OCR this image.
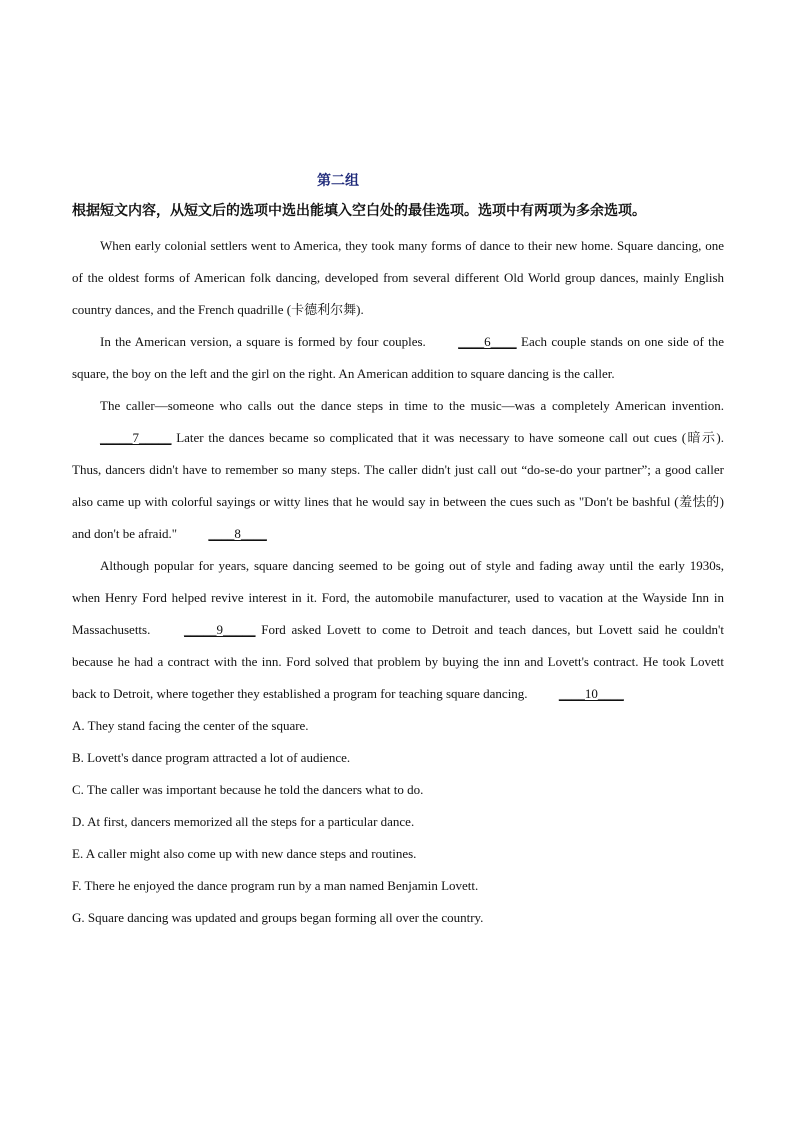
第二组
根据短文内容，从短文后的选项中选出能填入空白处的最佳选项。选项中有两项为多余选项。

When early colonial settlers went to America, they took many forms of dance to their new home. Square dancing, one of the oldest forms of American folk dancing, developed from several different Old World group dances, mainly English country dances, and the French quadrille (卡德利尔舞).

In the American version, a square is formed by four couples. ____6____ Each couple stands on one side of the square, the boy on the left and the girl on the right. An American addition to square dancing is the caller.

The caller—someone who calls out the dance steps in time to the music—was a completely American invention. _____7_____ Later the dances became so complicated that it was necessary to have someone call out cues (暗示). Thus, dancers didn't have to remember so many steps. The caller didn't just call out “do-se-do your partner”; a good caller also came up with colorful sayings or witty lines that he would say in between the cues such as "Don't be bashful (羞怯的) and don't be afraid." ____8____

Although popular for years, square dancing seemed to be going out of style and fading away until the early 1930s, when Henry Ford helped revive interest in it. Ford, the automobile manufacturer, used to vacation at the Wayside Inn in Massachusetts.	_____9_____ Ford asked Lovett to come to Detroit and teach dances, but Lovett said he couldn't because he had a contract with the inn. Ford solved that problem by buying the inn and Lovett's contract. He took Lovett back to Detroit, where together they established a program for teaching square dancing. ____10____

A. They stand facing the center of the square.

B. Lovett's dance program attracted a lot of audience.

C. The caller was important because he told the dancers what to do.

D. At first, dancers memorized all the steps for a particular dance.

E. A caller might also come up with new dance steps and routines.

F. There he enjoyed the dance program run by a man named Benjamin Lovett.

G. Square dancing was updated and groups began forming all over the country.
